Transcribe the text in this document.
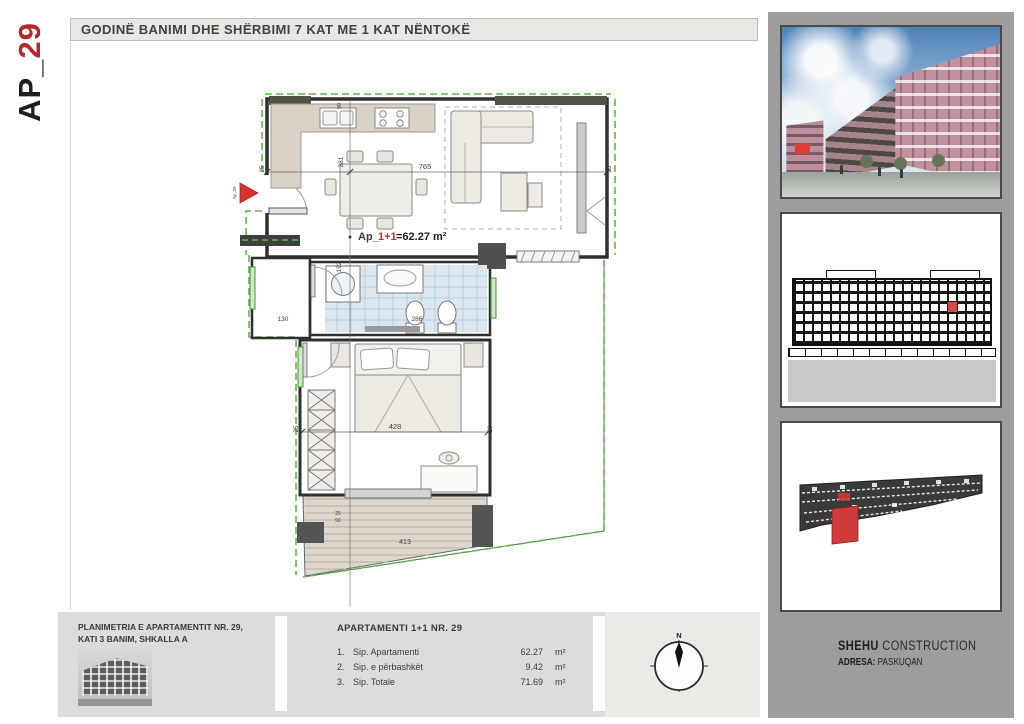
AP_29	GODINË BANIMI DHE SHËRBIMI 7 KAT ME 1 KAT NËNTOKË
765
25	25
281
90
192
130	286
428
25	20
413
25
56
Ap_ 1+1 =62.27 m²
Ap_29
PLANIMETRIA E APARTAMENTIT NR. 29,
KATI 3 BANIM, SHKALLA A
APARTAMENTI 1+1 NR. 29
1. Sip. Apartamenti	62.27	m²
2. Sip. e përbashkët	9.42	m²
3. Sip. Totale	71.69	m²
N
SHEHU CONSTRUCTION
ADRESA: PASKUQAN
